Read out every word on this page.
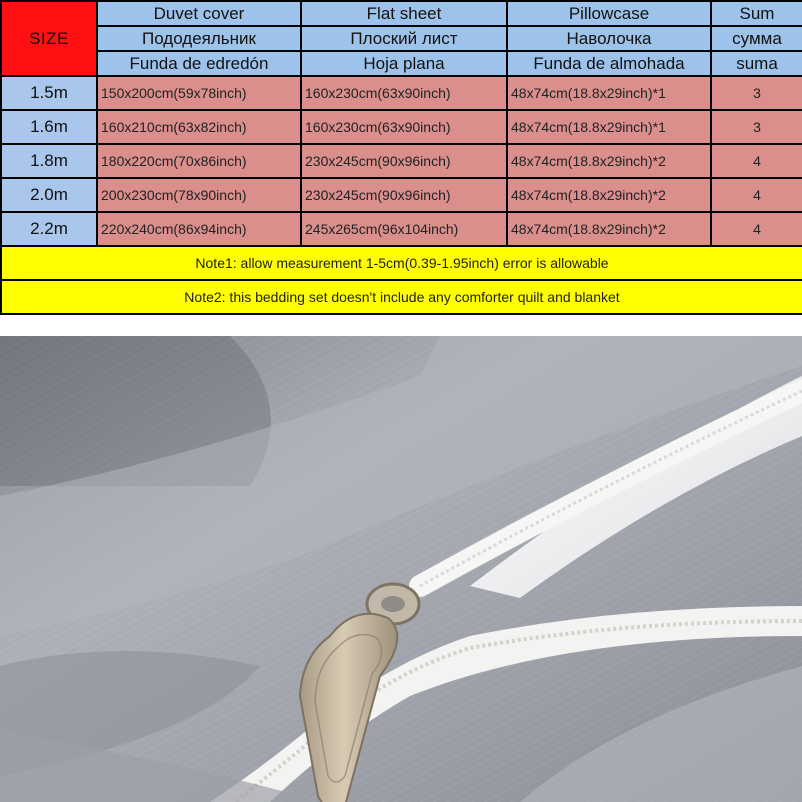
SIZE	Duvet cover	Flat sheet	Pillowcase	Sum
	Пододеяльник	Плоский лист	Наволочка	сумма
	Funda de edredón	Hoja plana	Funda de almohada	suma
1.5m	150x200cm(59x78inch)	160x230cm(63x90inch)	48x74cm(18.8x29inch)*1	3
1.6m	160x210cm(63x82inch)	160x230cm(63x90inch)	48x74cm(18.8x29inch)*1	3
1.8m	180x220cm(70x86inch)	230x245cm(90x96inch)	48x74cm(18.8x29inch)*2	4
2.0m	200x230cm(78x90inch)	230x245cm(90x96inch)	48x74cm(18.8x29inch)*2	4
2.2m	220x240cm(86x94inch)	245x265cm(96x104inch)	48x74cm(18.8x29inch)*2	4
Note1: allow measurement 1-5cm(0.39-1.95inch) error is allowable				
Note2: this bedding set doesn't include any comforter quilt and blanket				
